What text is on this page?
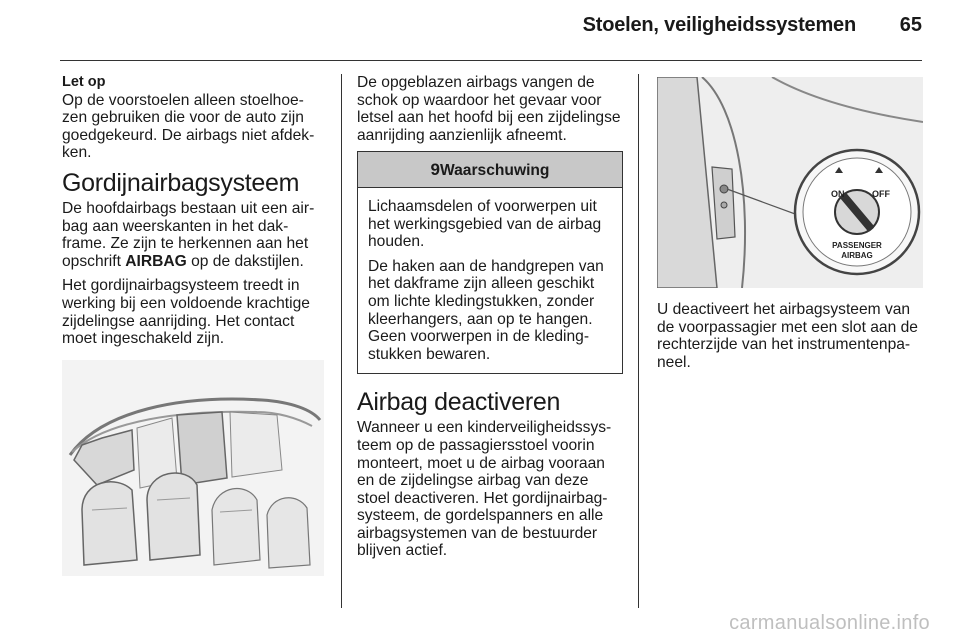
Stoelen, veiligheidssystemen	65
Let op

Op de voorstoelen alleen stoelhoe-zen gebruiken die voor de auto zijn goedgekeurd. De airbags niet afdek-ken.

Gordijnairbagsysteem

De hoofdairbags bestaan uit een air-bag aan weerskanten in het dak-frame. Ze zijn te herkennen aan het opschrift AIRBAG op de dakstijlen.

Het gordijnairbagsysteem treedt in werking bij een voldoende krachtige zijdelingse aanrijding. Het contact moet ingeschakeld zijn.

De opgeblazen airbags vangen de schok op waardoor het gevaar voor letsel aan het hoofd bij een zijdelingse aanrijding aanzienlijk afneemt.

9Waarschuwing

Lichaamsdelen of voorwerpen uit het werkingsgebied van de airbag houden.

De haken aan de handgrepen van het dakframe zijn alleen geschikt om lichte kledingstukken, zonder kleerhangers, aan op te hangen. Geen voorwerpen in de kleding-stukken bewaren.

Airbag deactiveren

Wanneer u een kinderveiligheidssys-teem op de passagiersstoel voorin monteert, moet u de airbag vooraan en de zijdelingse airbag van deze stoel deactiveren. Het gordijnairbag-systeem, de gordelspanners en alle airbagsystemen van de bestuurder blijven actief.

ON	OFF
PASSENGER
AIRBAG

U deactiveert het airbagsysteem van de voorpassagier met een slot aan de rechterzijde van het instrumentenpa-neel.

carmanualsonline.info
